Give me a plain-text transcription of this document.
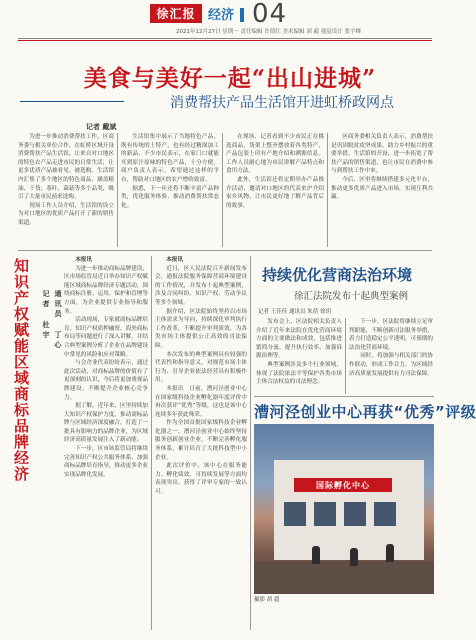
徐汇报 经济 04
2021年12月27日 星期一 责任编辑 许倩红 美术编辑 刘 毅 视觉设计 张宇峰
美食与美好一起“出山进城”
消费帮扶产品生活馆开进虹桥政网点
记者 戴斌

为进一步推动消费帮扶工作，区商务委与相关单位合作，在虹桥区域开设消费帮扶产品生活馆，让来自对口地区的特色农产品走进市民的日常生活，让更多优质产品被看见、被选购。生活馆内汇集了多个地区的特色商品，涵盖粮油、干货、茶叶、菌菇等多个品类，吸引了大量市民前来选购。

现场工作人员介绍，生活馆的设立为对口地区的优质产品打开了新的销售渠道。

生活馆集中展示了当地特色产品，既有传统的土特产，也有经过精深加工的新品。不少市民表示，在家门口就能买到原汁原味的特色产品，十分方便。商户负责人表示，希望通过这样的平台，帮助对口地区的农户增收致富。

据悉，下一步还将不断丰富产品种类，优化服务体验，推动消费帮扶常态化。

在现场，记者看到不少市民正在挑选商品，货架上整齐摆放着各类特产，产品包装上印有产地介绍和溯源信息。工作人员耐心地为市民讲解产品特点和食用方法。

此外，生活馆还将定期举办产品推介活动，邀请对口地区的代表来沪介绍家乡风物，让市民更好地了解产品背后的故事。

区商务委相关负责人表示，消费帮扶是巩固脱贫攻坚成果、助力乡村振兴的重要举措。生活馆的开设，进一步拓宽了帮扶产品的销售渠道，也让市民在消费中参与到帮扶工作中来。

今后，区里将继续搭建多元化平台，推动更多优质产品进入市场，实现互利共赢。

知识产权赋能区域商标品牌经济 记者 杜宇 通讯员 丁心

本报讯

为进一步推动商标品牌建设，区市场监管局近日举办知识产权赋能区域商标品牌经济专题活动，围绕商标注册、运用、保护和管理等方面，为企业提供专业指导和服务。

活动现场，专家就商标品牌培育、知识产权质押融资、海外商标布局等问题进行了深入讲解，并结合典型案例分析了企业在品牌建设中常见的风险和应对策略。

与会企业代表纷纷表示，通过此次活动，对商标品牌的价值有了更深刻的认识，今后将更加重视品牌建设，不断提升企业核心竞争力。

据了解，近年来，区里持续加大知识产权保护力度，推动商标品牌与区域经济深度融合，打造了一批具有影响力的品牌企业，为区域经济高质量发展注入了新动能。

下一步，区市场监管局将继续完善知识产权公共服务体系，加强商标品牌培育指导，推动更多企业实现品牌化发展。

本报讯

近日，区人民法院召开新闻发布会，通报法院服务保障营商环境建设的工作情况，并发布十起典型案例，涉及合同纠纷、知识产权、劳动争议等多个领域。

据介绍，区法院始终坚持以市场主体需求为导向，持续深化审判执行工作改革，不断提升审判质效，为各类市场主体提供公正高效的司法保障。

本次发布的典型案例具有较强的代表性和指导意义，对规范市场主体行为、引导企业依法经营具有积极作用。

本报讯　日前，漕河泾创业中心在国家级科技企业孵化器年度评价中再次获评“优秀”等级，这也是该中心连续多年获此殊荣。

作为全国首批国家级科技企业孵化器之一，漕河泾创业中心始终坚持服务创新创业企业，不断完善孵化服务体系，累计培育了大批科技型中小企业。

此次评价中，该中心在服务能力、孵化绩效、可持续发展等方面均表现突出，获得了评审专家的一致认可。

持续优化营商法治环境
徐汇法院发布十起典型案例
记者 王佳佳 通讯员 朱蓓 徐玥

发布会上，区法院相关负责人介绍了近年来法院在优化营商环境方面的主要做法和成效，包括推进繁简分流、提升执行效率、加强诉源治理等。

典型案例涉及多个行业领域，体现了法院依法平等保护各类市场主体合法权益的司法理念。

下一步，区法院将继续立足审判职能，不断创新司法服务举措，着力打造稳定公平透明、可预期的法治化营商环境。

同时，将加强与相关部门的协作联动，形成工作合力，为区域经济高质量发展提供有力司法保障。

漕河泾创业中心再获“优秀”评级
国际孵化中心
摄影 胡 超
